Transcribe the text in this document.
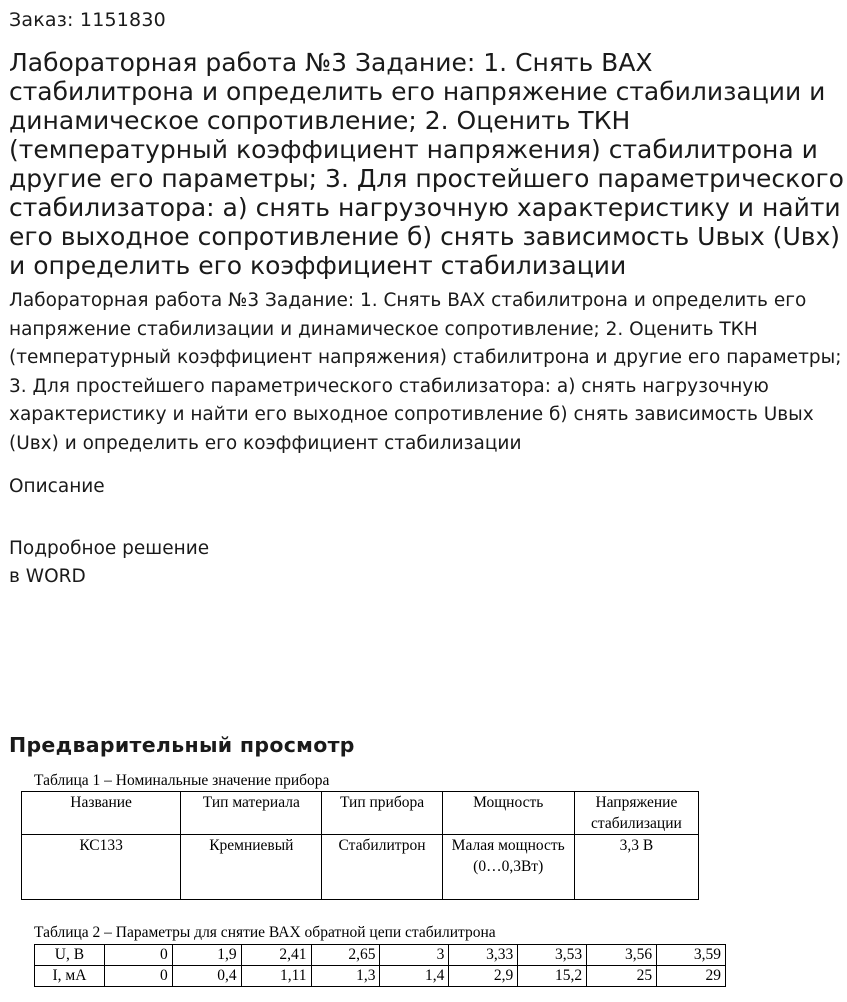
Заказ: 1151830
Лабораторная работа №3 Задание: 1. Снять ВАХ стабилитрона и определить его напряжение стабилизации и динамическое сопротивление; 2. Оценить ТКН (температурный коэффициент напряжения) стабилитрона и другие его параметры; 3. Для простейшего параметрического стабилизатора: а) снять нагрузочную характеристику и найти его выходное сопротивление б) снять зависимость Uвых (Uвх) и определить его коэффициент стабилизации

Лабораторная работа №3 Задание: 1. Снять ВАХ стабилитрона и определить его напряжение стабилизации и динамическое сопротивление; 2. Оценить ТКН (температурный коэффициент напряжения) стабилитрона и другие его параметры; 3. Для простейшего параметрического стабилизатора: а) снять нагрузочную характеристику и найти его выходное сопротивление б) снять зависимость Uвых (Uвх) и определить его коэффициент стабилизации

Описание

Подробное решение
в WORD

Предварительный просмотр
Таблица 1 – Номинальные значение прибора
Название	Тип материала	Тип прибора	Мощность	Напряжение стабилизации
КС133	Кремниевый	Стабилитрон	Малая мощность (0…0,3Вт)	3,3 В
Таблица 2 – Параметры для снятие ВАХ обратной цепи стабилитрона
U, В	0	1,9	2,41	2,65	3	3,33	3,53	3,56	3,59
I, мА	0	0,4	1,11	1,3	1,4	2,9	15,2	25	29
